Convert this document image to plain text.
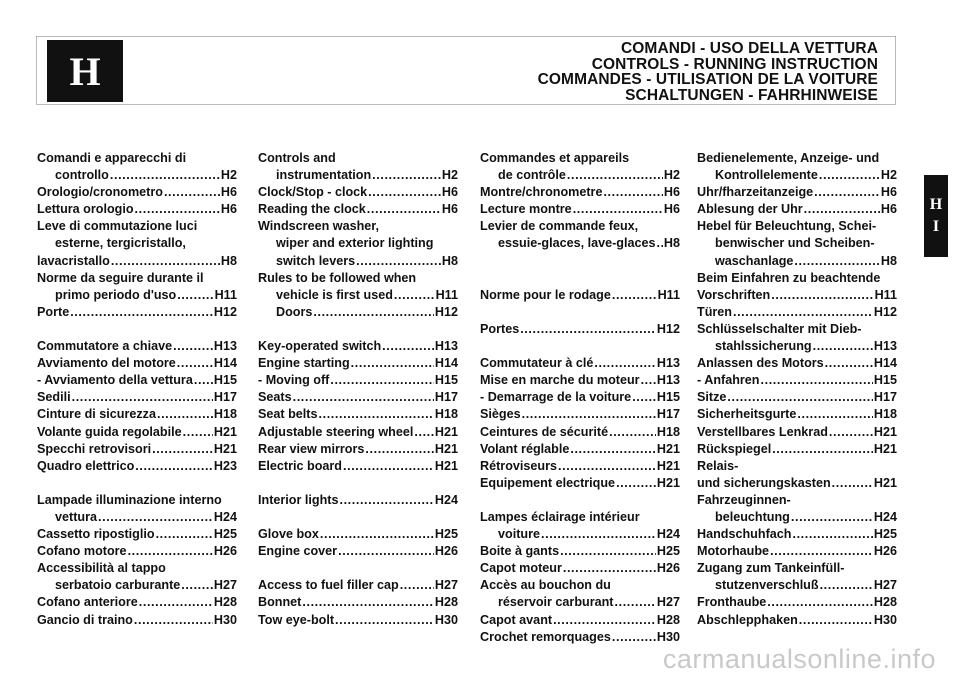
H	COMANDI - USO DELLA VETTURA
CONTROLS - RUNNING INSTRUCTION
COMMANDES - UTILISATION DE LA VOITURE
SCHALTUNGEN - FAHRHINWEISE
Comandi e apparecchi di
controllo .....	H2
Orologio/cronometro .....	H6
Lettura orologio .....	H6
Leve di commutazione luci
esterne, tergicristallo,
lavacristallo .....	H8
Norme da seguire durante il
primo periodo d'uso .....	H11
Porte .....	H12
Commutatore a chiave .....	H13
Avviamento del motore .....	H14
- Avviamento della vettura ..... H15
Sedili .....	H17
Cinture di sicurezza .....	H18
Volante guida regolabile .....	H21
Specchi retrovisori .....	H21
Quadro elettrico .....	H23
Lampade illuminazione interno
vettura .....	H24
Cassetto ripostiglio .....	H25
Cofano motore .....	H26
Accessibilità al tappo
serbatoio carburante .....	H27
Cofano anteriore .....	H28
Gancio di traino .....	H30
Controls and
instrumentation .....	H2
Clock/Stop - clock .....	H6
Reading the clock .....	H6
Windscreen washer,
wiper and exterior lighting
switch levers .....	H8
Rules to be followed when
vehicle is first used .....	H11
Doors .....	H12
Key-operated switch .....	H13
Engine starting .....	H14
- Moving off .....	H15
Seats .....	H17
Seat belts .....	H18
Adjustable steering wheel ..... H21
Rear view mirrors .....	H21
Electric board .....	H21
Interior lights .....	H24
Glove box .....	H25
Engine cover .....	H26
Access to fuel filler cap .....	H27
Bonnet .....	H28
Tow eye-bolt .....	H30
Commandes et appareils
de contrôle .....	H2
Montre/chronometre .....	H6
Lecture montre .....	H6
Levier de commande feux,
essuie-glaces, lave-glaces ..... H8
Norme pour le rodage .....	H11
Portes .....	H12
Commutateur à clé .....	H13
Mise en marche du moteur ..... H13
- Demarrage de la voiture ..... H15
Sièges .....	H17
Ceintures de sécurité .....	H18
Volant réglable .....	H21
Rétroviseurs .....	H21
Equipement electrique .....	H21
Lampes éclairage intérieur
voiture .....	H24
Boite à gants .....	H25
Capot moteur .....	H26
Accès au bouchon du
réservoir carburant .....	H27
Capot avant .....	H28
Crochet remorquages .....	H30
Bedienelemente, Anzeige- und
Kontrollelemente .....	H2
Uhr/fharzeitanzeige .....	H6
Ablesung der Uhr .....	H6
Hebel für Beleuchtung, Schei-
benwischer und Scheiben-
waschanlage .....	H8
Beim Einfahren zu beachtende
Vorschriften .....	H11
Türen .....	H12
Schlüsselschalter mit Dieb-
stahlssicherung .....	H13
Anlassen des Motors .....	H14
- Anfahren .....	H15
Sitze .....	H17
Sicherheitsgurte .....	H18
Verstellbares Lenkrad .....	H21
Rückspiegel .....	H21
Relais-
und sicherungskasten .....	H21
Fahrzeuginnen-
beleuchtung .....	H24
Handschuhfach .....	H25
Motorhaube .....	H26
Zugang zum Tankeinfüll-
stutzenverschluß .....	H27
Fronthaube .....	H28
Abschlepphaken .....	H30
H
I
carmanualsonline.info
